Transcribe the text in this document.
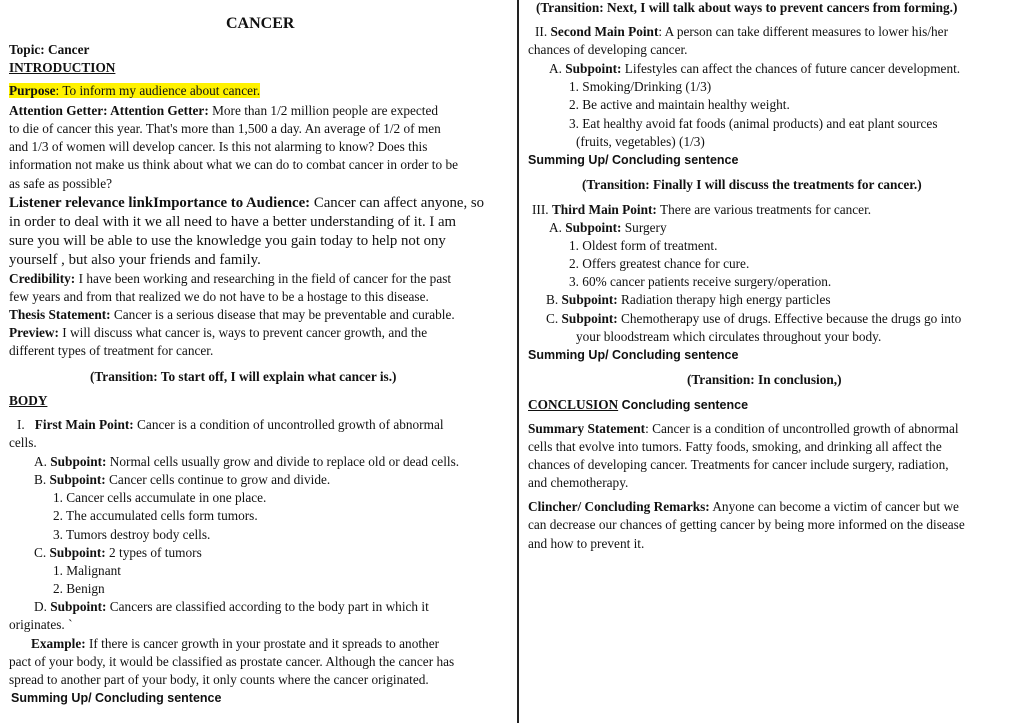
CANCER
Topic: Cancer
INTRODUCTION
Purpose: To inform my audience about cancer.
Attention Getter: Attention Getter: More than 1/2 million people are expected
to die of cancer this year. That's more than 1,500 a day. An average of 1/2 of men
and 1/3 of women will develop cancer. Is this not alarming to know? Does this
information not make us think about what we can do to combat cancer in order to be
as safe as possible?
Listener relevance linkImportance to Audience: Cancer can affect anyone, so
in order to deal with it we all need to have a better understanding of it. I am
sure you will be able to use the knowledge you gain today to help not ony
yourself , but also your friends and family.
Credibility: I have been working and researching in the field of cancer for the past
few years and from that realized we do not have to be a hostage to this disease.
Thesis Statement: Cancer is a serious disease that may be preventable and curable.
Preview: I will discuss what cancer is, ways to prevent cancer growth, and the
different types of treatment for cancer.
(Transition: To start off, I will explain what cancer is.)
BODY
I. First Main Point: Cancer is a condition of uncontrolled growth of abnormal
cells.
A. Subpoint: Normal cells usually grow and divide to replace old or dead cells.
B. Subpoint: Cancer cells continue to grow and divide.
1. Cancer cells accumulate in one place.
2. The accumulated cells form tumors.
3. Tumors destroy body cells.
C. Subpoint: 2 types of tumors
1. Malignant
2. Benign
D. Subpoint: Cancers are classified according to the body part in which it
originates. `
Example: If there is cancer growth in your prostate and it spreads to another
pact of your body, it would be classified as prostate cancer. Although the cancer has
spread to another part of your body, it only counts where the cancer originated.
Summing Up/ Concluding sentence
(Transition: Next, I will talk about ways to prevent cancers from forming.)
II. Second Main Point: A person can take different measures to lower his/her
chances of developing cancer.
A. Subpoint: Lifestyles can affect the chances of future cancer development.
1. Smoking/Drinking (1/3)
2. Be active and maintain healthy weight.
3. Eat healthy avoid fat foods (animal products) and eat plant sources
(fruits, vegetables) (1/3)
Summing Up/ Concluding sentence
(Transition: Finally I will discuss the treatments for cancer.)
III. Third Main Point: There are various treatments for cancer.
A. Subpoint: Surgery
1. Oldest form of treatment.
2. Offers greatest chance for cure.
3. 60% cancer patients receive surgery/operation.
B. Subpoint: Radiation therapy high energy particles
C. Subpoint: Chemotherapy use of drugs. Effective because the drugs go into
your bloodstream which circulates throughout your body.
Summing Up/ Concluding sentence
(Transition: In conclusion,)
CONCLUSION Concluding sentence
Summary Statement: Cancer is a condition of uncontrolled growth of abnormal
cells that evolve into tumors. Fatty foods, smoking, and drinking all affect the
chances of developing cancer. Treatments for cancer include surgery, radiation,
and chemotherapy.
Clincher/ Concluding Remarks: Anyone can become a victim of cancer but we
can decrease our chances of getting cancer by being more informed on the disease
and how to prevent it.
